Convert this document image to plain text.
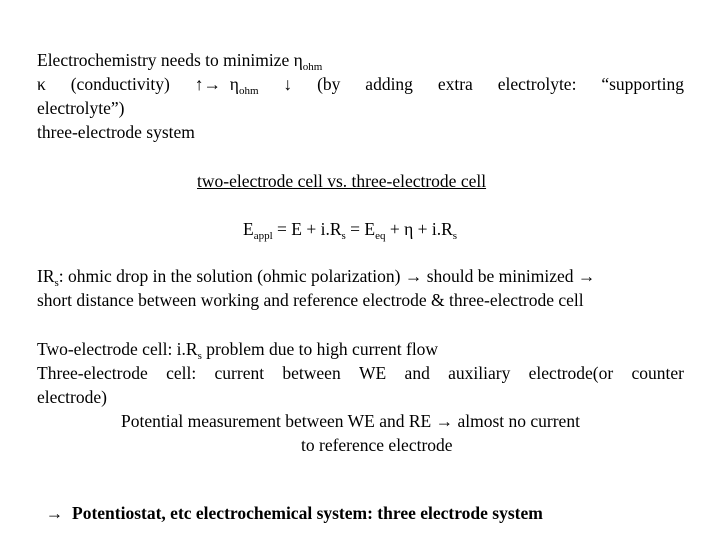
Electrochemistry needs to minimize $\eta_{ohm}$
κ (conductivity) ↑→ $\eta_{ohm}$ ↓ (by adding extra electrolyte: “supporting
electrolyte”)
three-electrode system
two-electrode cell vs. three-electrode cell
$E_{appl} = E + i.R_s = E_{eq} + \eta + i.R_s$
$IR_s$: ohmic drop in the solution (ohmic polarization) → should be minimized →
short distance between working and reference electrode & three-electrode cell
Two-electrode cell: $i.R_s$ problem due to high current flow
Three-electrode cell: current between WE and auxiliary electrode(or counter
electrode)
Potential measurement between WE and RE → almost no current
to reference electrode

→  Potentiostat, etc electrochemical system: three electrode system
